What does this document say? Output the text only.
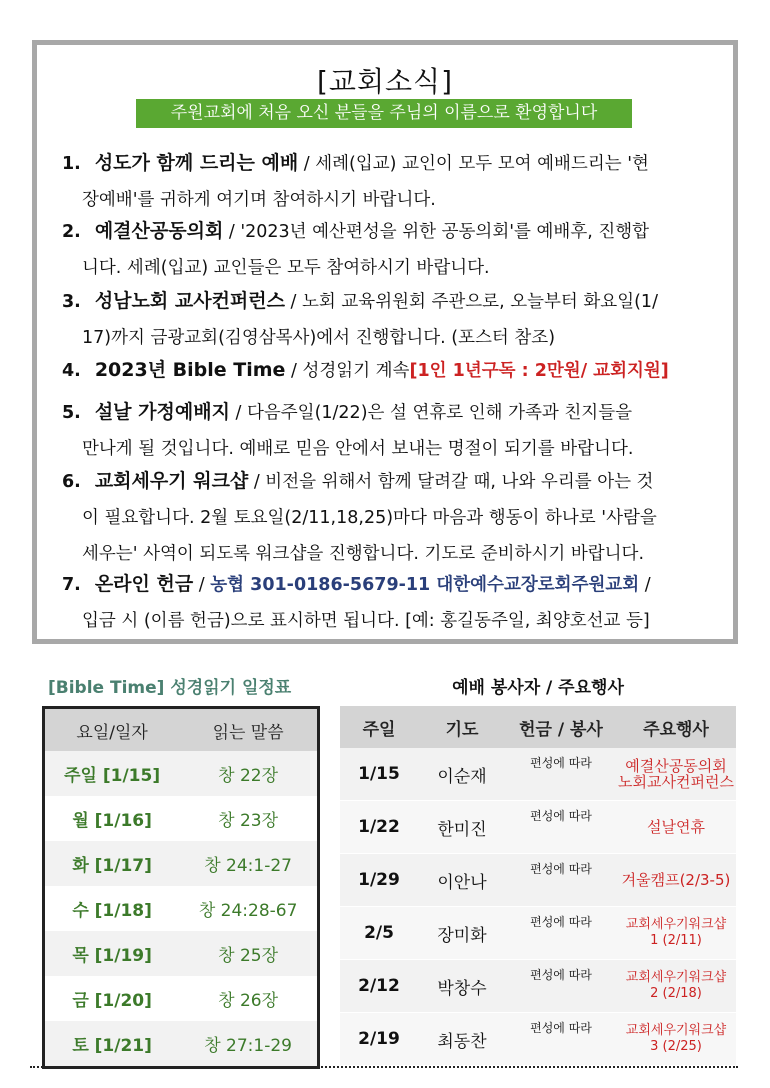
[교회소식]
주원교회에 처음 오신 분들을 주님의 이름으로 환영합니다
1. 성도가 함께 드리는 예배 / 세례(입교) 교인이 모두 모여 예배드리는 '현
장예배'를 귀하게 여기며 참여하시기 바랍니다.
2. 예결산공동의회 / '2023년 예산편성을 위한 공동의회'를 예배후, 진행합
니다. 세례(입교) 교인들은 모두 참여하시기 바랍니다.
3. 성남노회 교사컨퍼런스 / 노회 교육위원회 주관으로, 오늘부터 화요일(1/
17)까지 금광교회(김영삼목사)에서 진행합니다. (포스터 참조)
4. 2023년 Bible Time / 성경읽기 계속[1인 1년구독 : 2만원/ 교회지원]
5. 설날 가정예배지 / 다음주일(1/22)은 설 연휴로 인해 가족과 친지들을
만나게 될 것입니다. 예배로 믿음 안에서 보내는 명절이 되기를 바랍니다.
6. 교회세우기 워크샵 / 비전을 위해서 함께 달려갈 때, 나와 우리를 아는 것
이 필요합니다. 2월 토요일(2/11,18,25)마다 마음과 행동이 하나로 '사람을
세우는' 사역이 되도록 워크샵을 진행합니다. 기도로 준비하시기 바랍니다.
7. 온라인 헌금 / 농협 301-0186-5679-11 대한예수교장로회주원교회 /
입금 시 (이름 헌금)으로 표시하면 됩니다. [예: 홍길동주일, 최양호선교 등]
[Bible Time] 성경읽기 일정표
요일/일자	읽는 말씀
주일 [1/15]	창 22장
월 [1/16]	창 23장
화 [1/17]	창 24:1-27
수 [1/18]	창 24:28-67
목 [1/19]	창 25장
금 [1/20]	창 26장
토 [1/21]	창 27:1-29
예배 봉사자 / 주요행사
주일	기도	헌금 / 봉사	주요행사
1/15	이순재	편성에 따라	예결산공동의회
노회교사컨퍼런스

1/22	한미진	편성에 따라	설날연휴

1/29	이안나	편성에 따라	겨울캠프(2/3-5)

2/5	장미화	편성에 따라	교회세우기워크샵
1 (2/11)

2/12	박창수	편성에 따라	교회세우기워크샵
2 (2/18)

2/19	최동찬	편성에 따라	교회세우기워크샵
3 (2/25)
